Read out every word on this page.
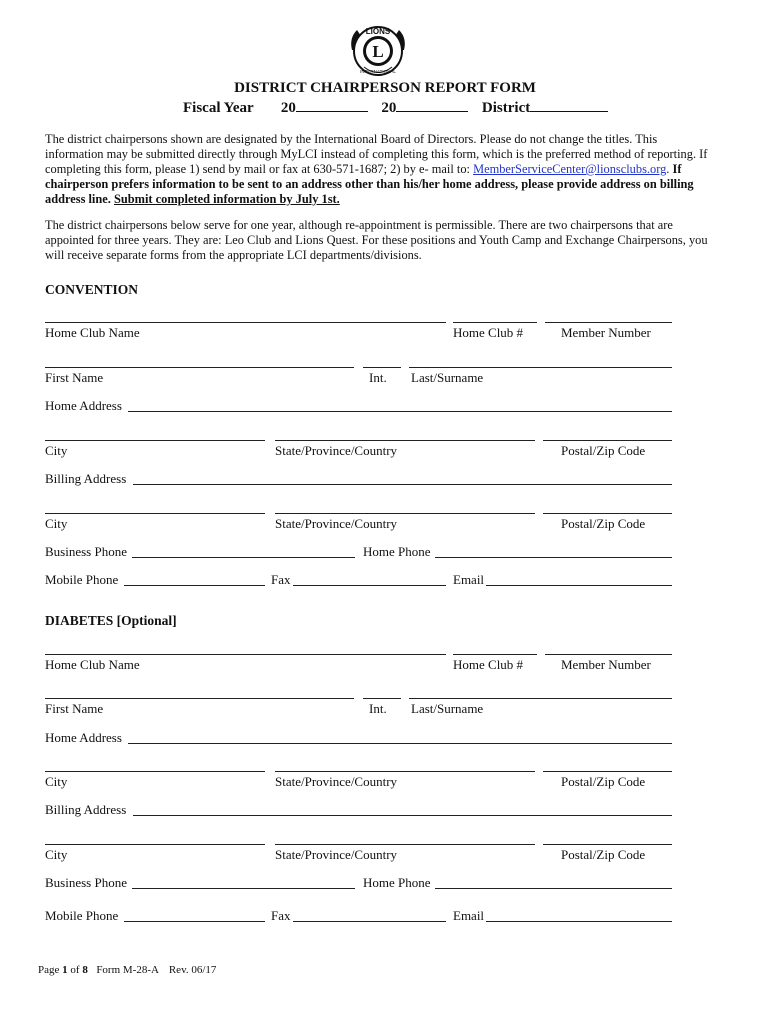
L
LIONS
INTERNATIONAL
DISTRICT CHAIRPERSON REPORT FORM
Fiscal Year 20	20	District
The district chairpersons shown are designated by the International Board of Directors. Please do not change the titles. This information may be submitted directly through MyLCI instead of completing this form, which is the preferred method of reporting. If completing this form, please 1) send by mail or fax at 630-571-1687; 2) by e- mail to: MemberServiceCenter@lionsclubs.org. If chairperson prefers information to be sent to an address other than his/her home address, please provide address on billing address line. Submit completed information by July 1st.
The district chairpersons below serve for one year, although re-appointment is permissible. There are two chairpersons that are appointed for three years. They are: Leo Club and Lions Quest. For these positions and Youth Camp and Exchange Chairpersons, you will receive separate forms from the appropriate LCI departments/divisions.
CONVENTION
Home Club Name	Home Club #	Member Number
First Name	Int. Last/Surname
Home Address
City	State/Province/Country	Postal/Zip Code
Billing Address
City	State/Province/Country	Postal/Zip Code
Business Phone	Home Phone
Mobile Phone	Fax	Email
DIABETES [Optional]
Home Club Name	Home Club #	Member Number
First Name	Int. Last/Surname
Home Address
City	State/Province/Country	Postal/Zip Code
Billing Address
City	State/Province/Country	Postal/Zip Code
Business Phone	Home Phone
Mobile Phone	Fax	Email
Page 1 of 8 Form M-28-A Rev. 06/17
